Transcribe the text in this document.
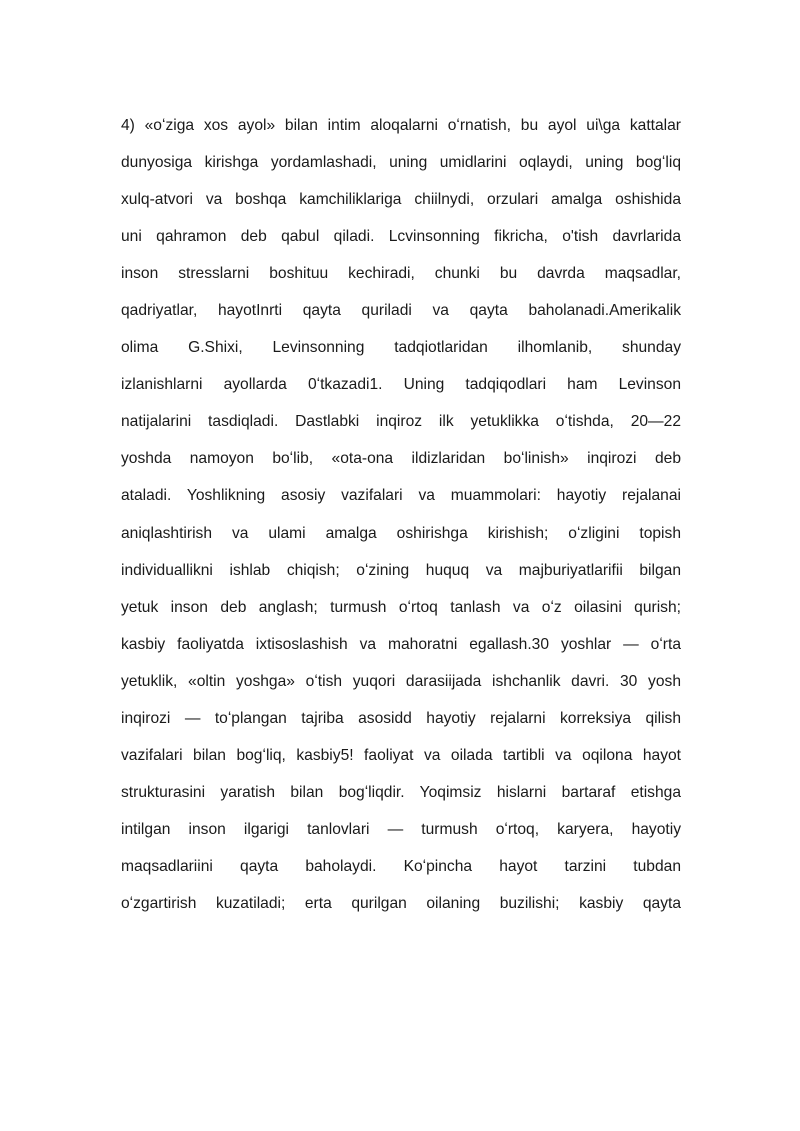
4) «oʻziga xos ayol» bilan intim aloqalarni oʻrnatish, bu ayol ui\ga kattalar
dunyosiga kirishga yordamlashadi, uning umidlarini oqlaydi, uning bogʻliq
xulq-atvori va boshqa kamchiliklariga chiilnydi, orzulari amalga oshishida
uni qahramon deb qabul qiladi. Lcvinsonning fikricha, o'tish davrlarida
inson stresslarni boshituu kechiradi, chunki bu davrda maqsadlar,
qadriyatlar, hayotInrti qayta quriladi va qayta baholanadi.Amerikalik
olima G.Shixi, Levinsonning tadqiotlaridan ilhomlanib, shunday
izlanishlarni ayollarda 0ʻtkazadi1. Uning tadqiqodlari ham Levinson
natijalarini tasdiqladi. Dastlabki inqiroz ilk yetuklikka oʻtishda, 20—22
yoshda namoyon boʻlib, «ota-ona ildizlaridan boʻlinish» inqirozi deb
ataladi. Yoshlikning asosiy vazifalari va muammolari: hayotiy rejalanai
aniqlashtirish va ulami amalga oshirishga kirishish; oʻzligini topish
individuallikni ishlab chiqish; oʻzining huquq va majburiyatlarifii bilgan
yetuk inson deb anglash; turmush oʻrtoq tanlash va oʻz oilasini qurish;
kasbiy faoliyatda ixtisoslashish va mahoratni egallash.30 yoshlar — oʻrta
yetuklik, «oltin yoshga» oʻtish yuqori darasiijada ishchanlik davri. 30 yosh
inqirozi — toʻplangan tajriba asosidd hayotiy rejalarni korreksiya qilish
vazifalari bilan bogʻliq, kasbiy5! faoliyat va oilada tartibli va oqilona hayot
strukturasini yaratish bilan bogʻliqdir. Yoqimsiz hislarni bartaraf etishga
intilgan inson ilgarigi tanlovlari — turmush oʻrtoq, karyera, hayotiy
maqsadlariini qayta baholaydi. Koʻpincha hayot tarzini tubdan
oʻzgartirish kuzatiladi; erta qurilgan oilaning buzilishi; kasbiy qayta
